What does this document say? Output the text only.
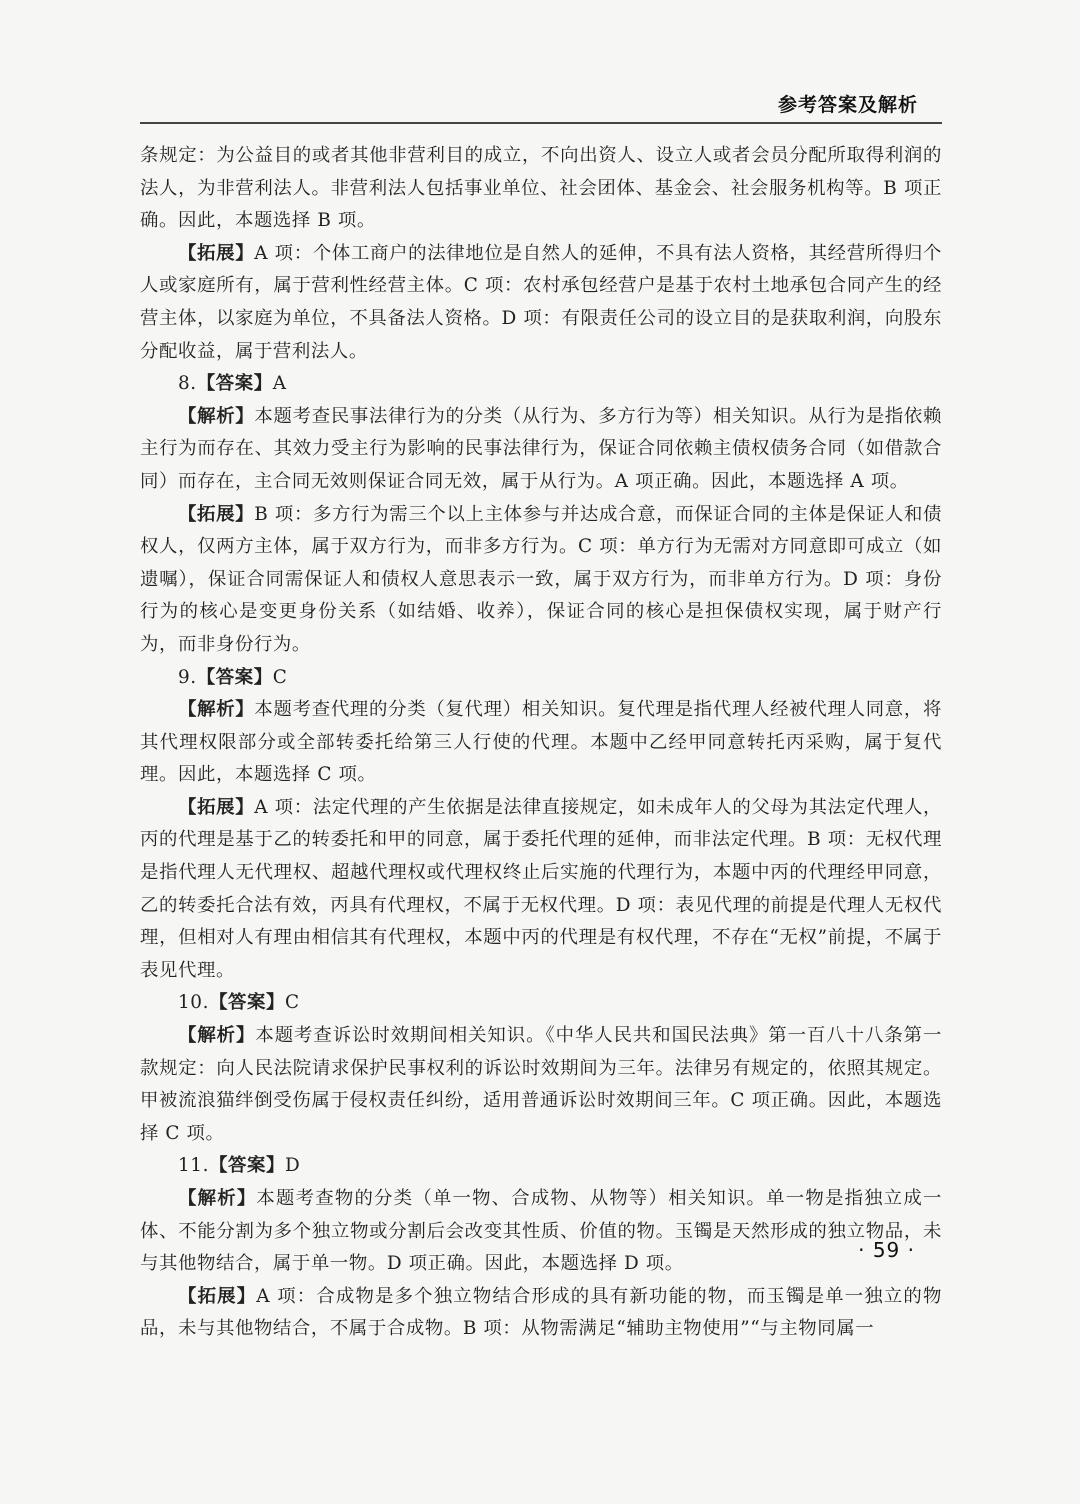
参考答案及解析

条规定：为公益目的或者其他非营利目的成立，不向出资人、设立人或者会员分配所取得利润的法人，为非营利法人。非营利法人包括事业单位、社会团体、基金会、社会服务机构等。B 项正确。因此，本题选择 B 项。

【拓展】A 项：个体工商户的法律地位是自然人的延伸，不具有法人资格，其经营所得归个人或家庭所有，属于营利性经营主体。C 项：农村承包经营户是基于农村土地承包合同产生的经营主体，以家庭为单位，不具备法人资格。D 项：有限责任公司的设立目的是获取利润，向股东分配收益，属于营利法人。

8.【答案】A

【解析】本题考查民事法律行为的分类（从行为、多方行为等）相关知识。从行为是指依赖主行为而存在、其效力受主行为影响的民事法律行为，保证合同依赖主债权债务合同（如借款合同）而存在，主合同无效则保证合同无效，属于从行为。A 项正确。因此，本题选择 A 项。

【拓展】B 项：多方行为需三个以上主体参与并达成合意，而保证合同的主体是保证人和债权人，仅两方主体，属于双方行为，而非多方行为。C 项：单方行为无需对方同意即可成立（如遗嘱），保证合同需保证人和债权人意思表示一致，属于双方行为，而非单方行为。D 项：身份行为的核心是变更身份关系（如结婚、收养），保证合同的核心是担保债权实现，属于财产行为，而非身份行为。

9.【答案】C

【解析】本题考查代理的分类（复代理）相关知识。复代理是指代理人经被代理人同意，将其代理权限部分或全部转委托给第三人行使的代理。本题中乙经甲同意转托丙采购，属于复代理。因此，本题选择 C 项。

【拓展】A 项：法定代理的产生依据是法律直接规定，如未成年人的父母为其法定代理人，丙的代理是基于乙的转委托和甲的同意，属于委托代理的延伸，而非法定代理。B 项：无权代理是指代理人无代理权、超越代理权或代理权终止后实施的代理行为，本题中丙的代理经甲同意，乙的转委托合法有效，丙具有代理权，不属于无权代理。D 项：表见代理的前提是代理人无权代理，但相对人有理由相信其有代理权，本题中丙的代理是有权代理，不存在“无权”前提，不属于表见代理。

10.【答案】C

【解析】本题考查诉讼时效期间相关知识。《中华人民共和国民法典》第一百八十八条第一款规定：向人民法院请求保护民事权利的诉讼时效期间为三年。法律另有规定的，依照其规定。甲被流浪猫绊倒受伤属于侵权责任纠纷，适用普通诉讼时效期间三年。C 项正确。因此，本题选择 C 项。

11.【答案】D

【解析】本题考查物的分类（单一物、合成物、从物等）相关知识。单一物是指独立成一体、不能分割为多个独立物或分割后会改变其性质、价值的物。玉镯是天然形成的独立物品，未与其他物结合，属于单一物。D 项正确。因此，本题选择 D 项。

【拓展】A 项：合成物是多个独立物结合形成的具有新功能的物，而玉镯是单一独立的物品，未与其他物结合，不属于合成物。B 项：从物需满足“辅助主物使用”“与主物同属一

· 59 ·
